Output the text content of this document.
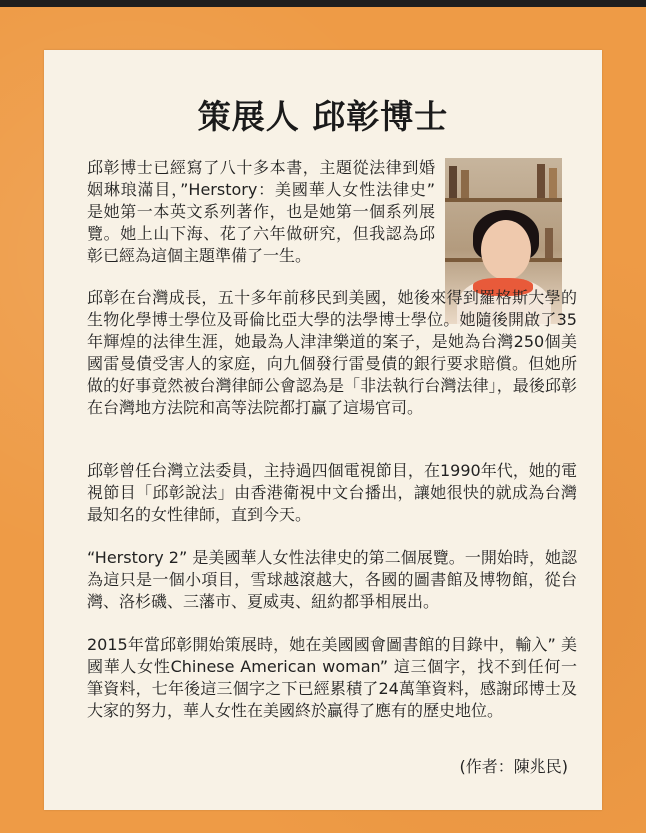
策展人 邱彰博士

邱彰博士已經寫了八十多本書，主題從法律到婚姻琳琅滿目，”Herstory：美國華人女性法律史” 是她第一本英文系列著作，也是她第一個系列展覽。她上山下海、花了六年做研究，但我認為邱彰已經為這個主題準備了一生。

邱彰在台灣成長，五十多年前移民到美國，她後來得到羅格斯大學的生物化學博士學位及哥倫比亞大學的法學博士學位。她隨後開啟了35年輝煌的法律生涯，她最為人津津樂道的案子，是她為台灣250個美國雷曼債受害人的家庭，向九個發行雷曼債的銀行要求賠償。但她所做的好事竟然被台灣律師公會認為是「非法執行台灣法律」，最後邱彰在台灣地方法院和高等法院都打贏了這場官司。

邱彰曾任台灣立法委員，主持過四個電視節目，在1990年代，她的電視節目「邱彰說法」由香港衛視中文台播出，讓她很快的就成為台灣最知名的女性律師，直到今天。

“Herstory 2” 是美國華人女性法律史的第二個展覽。一開始時，她認為這只是一個小項目，雪球越滾越大，各國的圖書館及博物館，從台灣、洛杉磯、三藩市、夏威夷、紐約都爭相展出。

2015年當邱彰開始策展時，她在美國國會圖書館的目錄中，輸入” 美國華人女性Chinese American woman” 這三個字，找不到任何一筆資料，七年後這三個字之下已經累積了24萬筆資料，感謝邱博士及大家的努力，華人女性在美國終於贏得了應有的歷史地位。

(作者：陳兆民)
